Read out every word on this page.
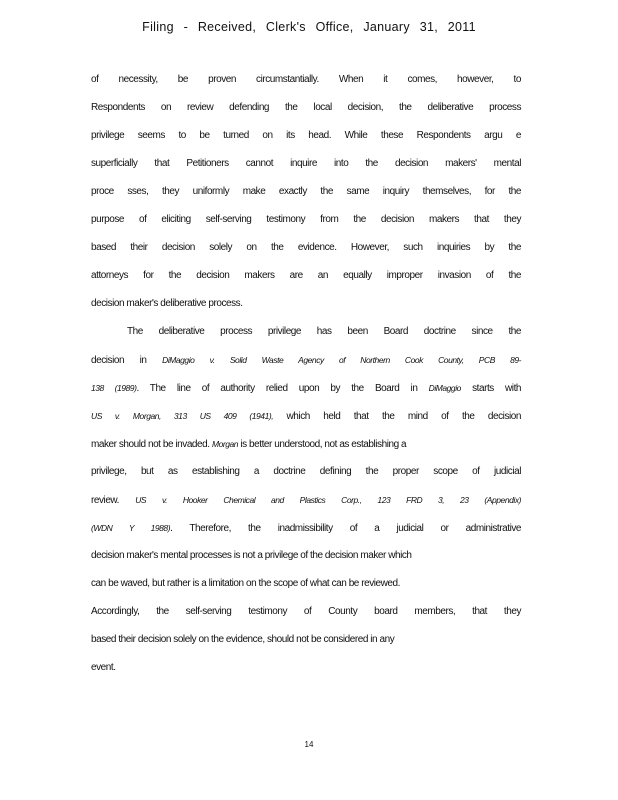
Filing - Received, Clerk's Office, January 31, 2011
of necessity, be proven circumstantially. When it comes, however, to
Respondents on review defending the local decision, the deliberative process
privilege seems to be turned on its head. While these Respondents argu e
superficially that Petitioners cannot inquire into the decision makers' mental
proce sses, they uniformly make exactly the same inquiry themselves, for the
purpose of eliciting self-serving testimony from the decision makers that they
based their decision solely on the evidence. However, such inquiries by the
attorneys for the decision makers are an equally improper invasion of the
decision maker's deliberative process.
The deliberative process privilege has been Board doctrine since the
decision in DiMaggio v. Solid Waste Agency of Northern Cook County, PCB 89-
138 (1989). The line of authority relied upon by the Board in DiMaggio starts with
US v. Morgan, 313 US 409 (1941), which held that the mind of the decision
maker should not be invaded. Morgan is better understood, not as establishing a
privilege, but as establishing a doctrine defining the proper scope of judicial
review. US v. Hooker Chemical and Plastics Corp., 123 FRD 3, 23 (Appendix)
(WDN Y 1988). Therefore, the inadmissibility of a judicial or administrative
decision maker's mental processes is not a privilege of the decision maker which
can be waved, but rather is a limitation on the scope of what can be reviewed.
Accordingly, the self-serving testimony of County board members, that they
based their decision solely on the evidence, should not be considered in any
event.
14
